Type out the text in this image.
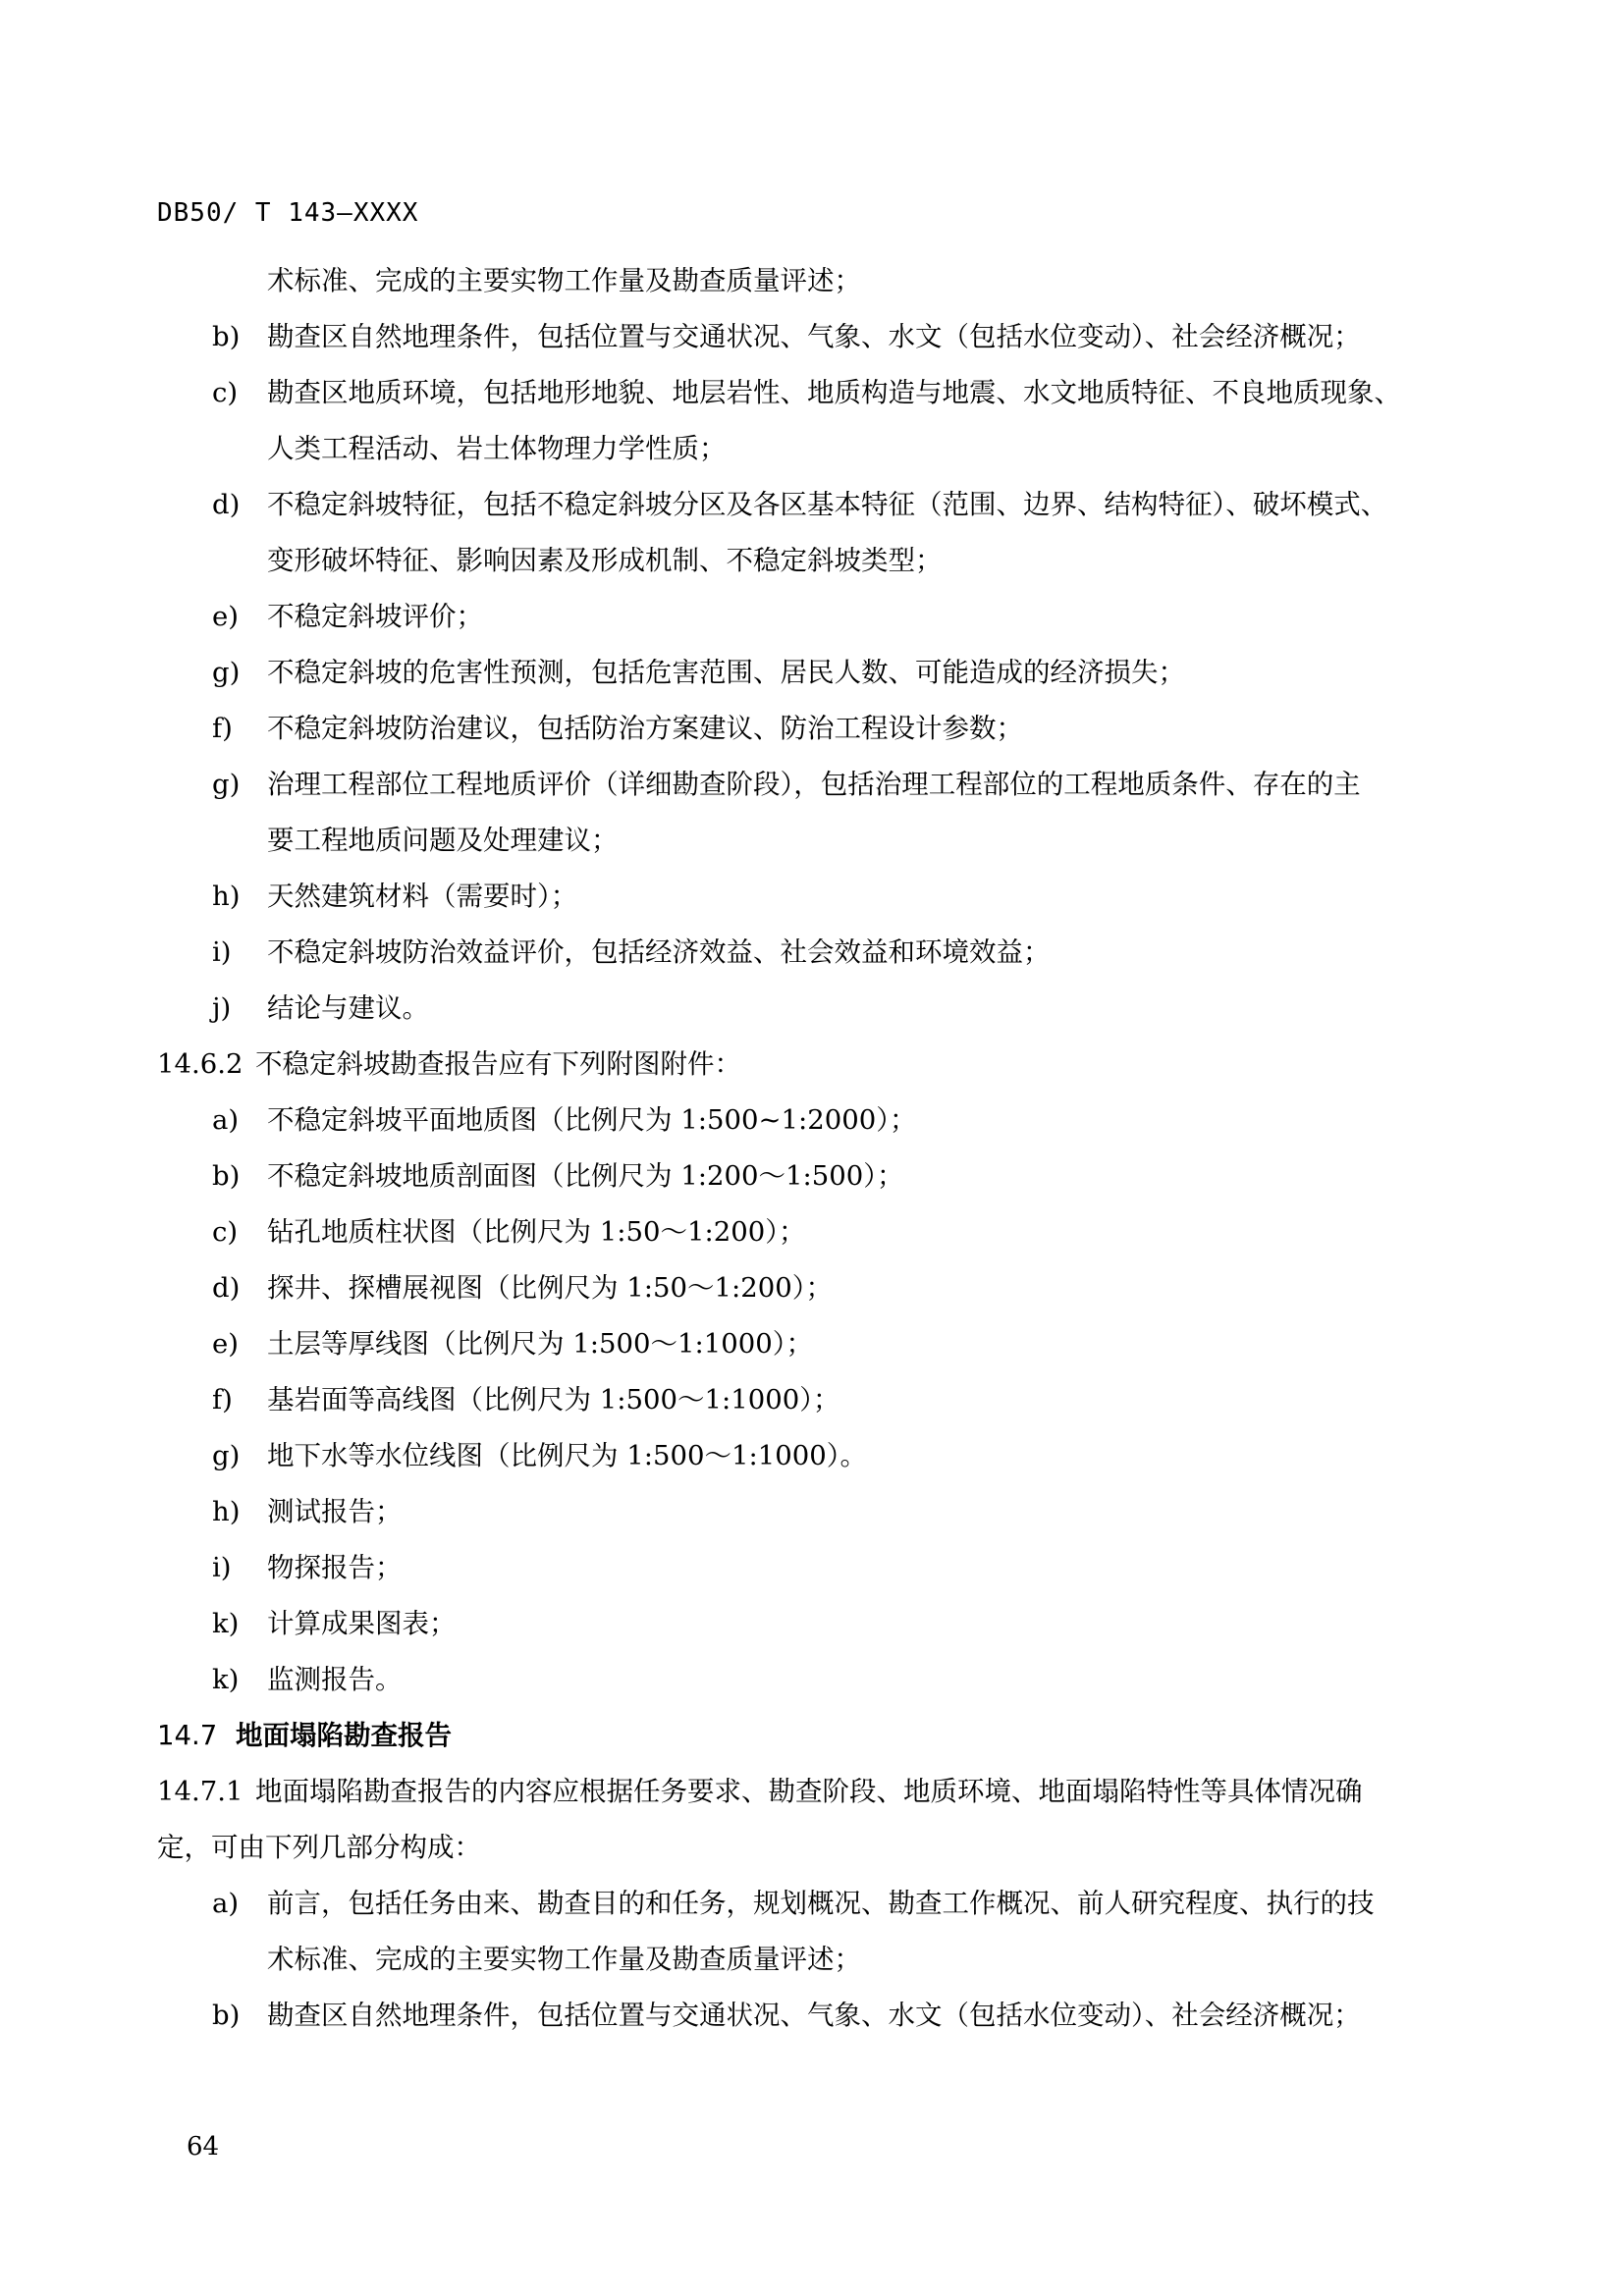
DB50/ T 143—XXXX
术标准、完成的主要实物工作量及勘查质量评述；
b) 勘查区自然地理条件，包括位置与交通状况、气象、水文（包括水位变动）、社会经济概况；
c) 勘查区地质环境，包括地形地貌、地层岩性、地质构造与地震、水文地质特征、不良地质现象、
人类工程活动、岩土体物理力学性质；
d) 不稳定斜坡特征，包括不稳定斜坡分区及各区基本特征（范围、边界、结构特征）、破坏模式、
变形破坏特征、影响因素及形成机制、不稳定斜坡类型；
e) 不稳定斜坡评价；
g) 不稳定斜坡的危害性预测，包括危害范围、居民人数、可能造成的经济损失；
f) 不稳定斜坡防治建议，包括防治方案建议、防治工程设计参数；
g) 治理工程部位工程地质评价（详细勘查阶段），包括治理工程部位的工程地质条件、存在的主
要工程地质问题及处理建议；
h) 天然建筑材料（需要时）；
i) 不稳定斜坡防治效益评价，包括经济效益、社会效益和环境效益；
j) 结论与建议。
14.6.2 不稳定斜坡勘查报告应有下列附图附件：
a) 不稳定斜坡平面地质图（比例尺为 1:500~1:2000）；
b) 不稳定斜坡地质剖面图（比例尺为 1:200～1:500）；
c) 钻孔地质柱状图（比例尺为 1:50～1:200）；
d) 探井、探槽展视图（比例尺为 1:50～1:200）；
e) 土层等厚线图（比例尺为 1:500～1:1000）；
f) 基岩面等高线图（比例尺为 1:500～1:1000）；
g) 地下水等水位线图（比例尺为 1:500～1:1000）。
h) 测试报告；
i) 物探报告；
k) 计算成果图表；
k) 监测报告。
14.7 地面塌陷勘查报告
14.7.1 地面塌陷勘查报告的内容应根据任务要求、勘查阶段、地质环境、地面塌陷特性等具体情况确
定，可由下列几部分构成：
a) 前言，包括任务由来、勘查目的和任务，规划概况、勘查工作概况、前人研究程度、执行的技
术标准、完成的主要实物工作量及勘查质量评述；
b) 勘查区自然地理条件，包括位置与交通状况、气象、水文（包括水位变动）、社会经济概况；
64
